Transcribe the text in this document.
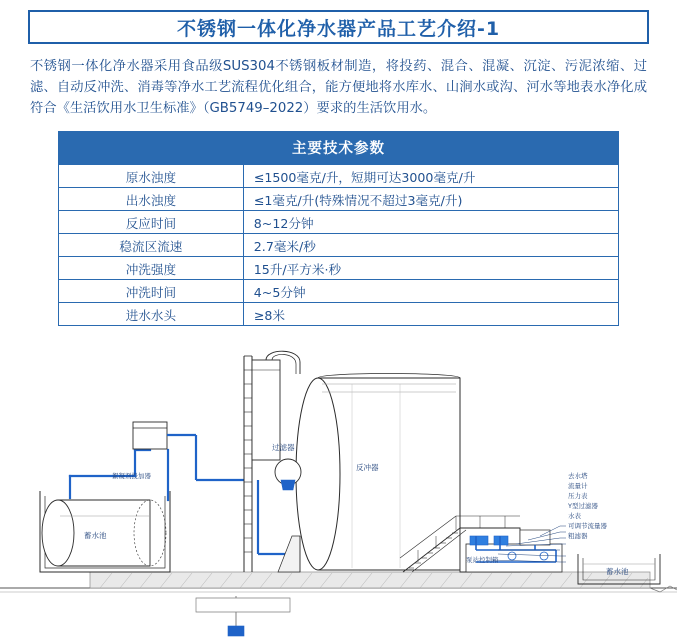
不锈钢一体化净水器产品工艺介绍-1

不锈钢一体化净水器采用食品级SUS304不锈钢板材制造，将投药、混合、混凝、沉淀、污泥浓缩、过滤、自动反冲洗、消毒等净水工艺流程优化组合，能方便地将水库水、山涧水或沟、河水等地表水净化成符合《生活饮用水卫生标准》（GB5749–2022）要求的生活饮用水。

主要技术参数
原水浊度	≤1500毫克/升，短期可达3000毫克/升
出水浊度	≤1毫克/升(特殊情况不超过3毫克/升)
反应时间	8~12分钟
稳流区流速	2.7毫米/秒
冲洗强度	15升/平方米·秒
冲洗时间	4~5分钟
进水水头	≥8米
蓄水池
絮凝剂投加器
过滤器
反冲器
泵站控制箱
蓄水池
去水塔
流量计
压力表
Y型过滤器
水表
可调节流量器
粗滤器
